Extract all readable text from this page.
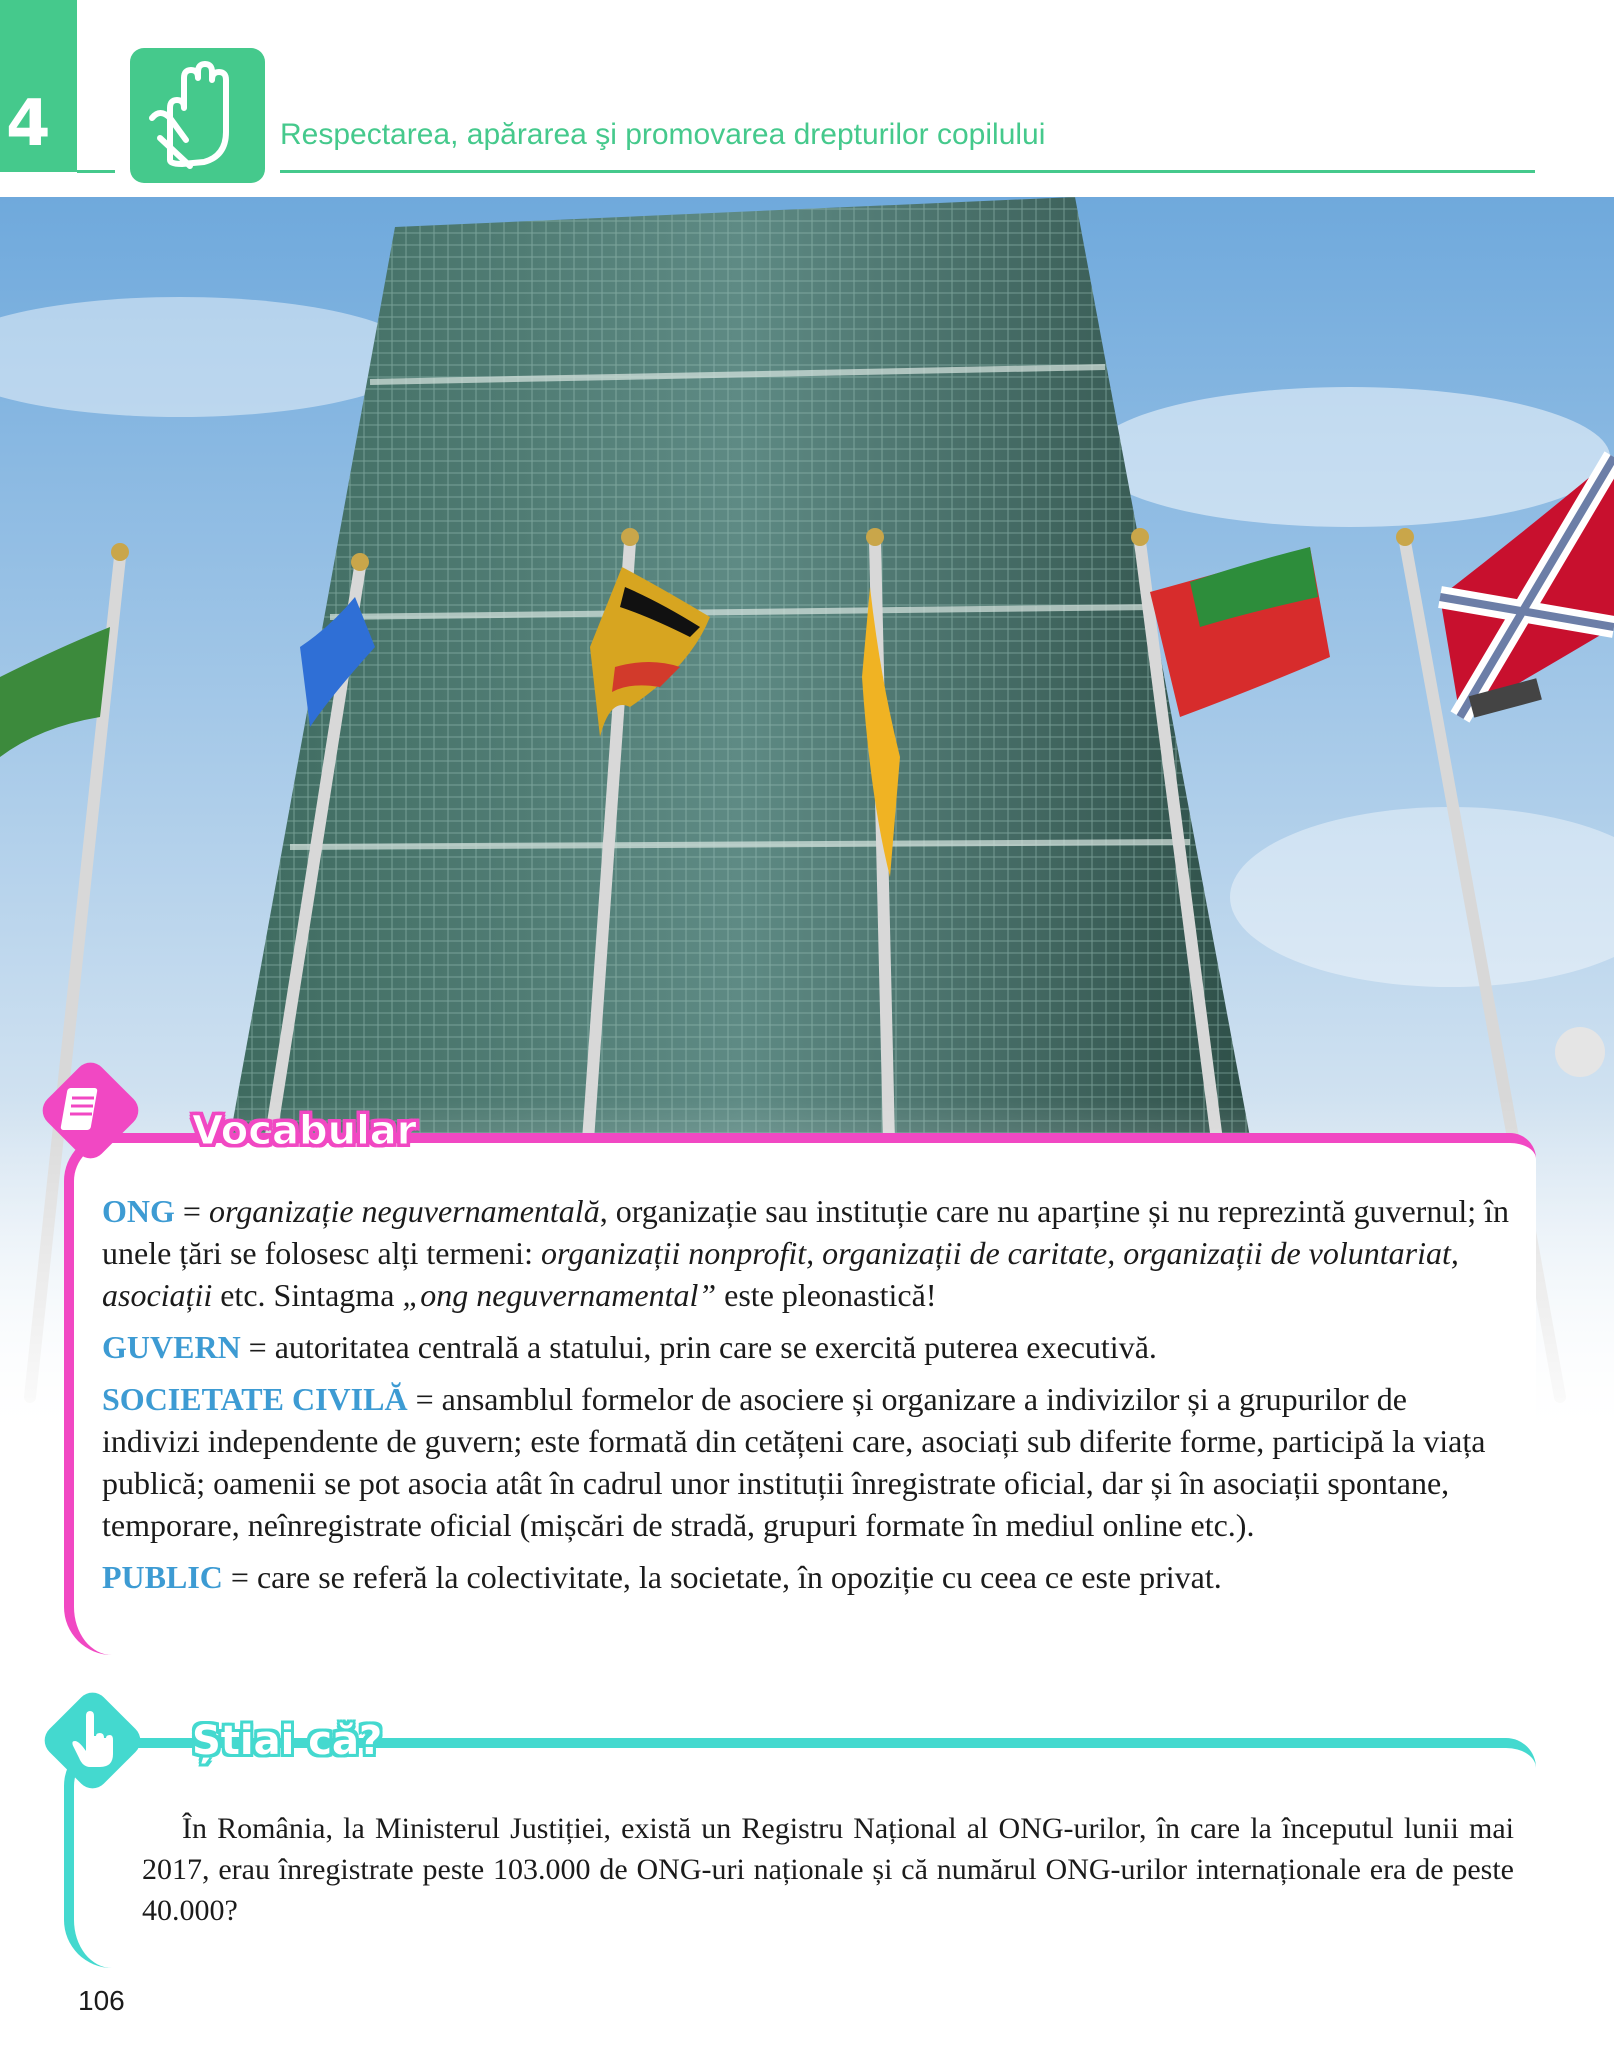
4	Respectarea, apărarea şi promovarea drepturilor copilului
Vocabular

ONG = organizație neguvernamentală, organizație sau instituție care nu aparține și nu reprezintă guvernul; în unele țări se folosesc alți termeni: organizații nonprofit, organizații de caritate, organizații de voluntariat, asociații etc. Sintagma „ong neguvernamental” este pleonastică!

GUVERN = autoritatea centrală a statului, prin care se exercită puterea executivă.

SOCIETATE CIVILĂ = ansamblul formelor de asociere și organizare a indivizilor și a grupurilor de indivizi independente de guvern; este formată din cetățeni care, asociați sub diferite forme, participă la viața publică; oamenii se pot asocia atât în cadrul unor instituții înregistrate oficial, dar și în asociații spontane, temporare, neînregistrate oficial (mișcări de stradă, grupuri formate în mediul online etc.).

PUBLIC = care se referă la colectivitate, la societate, în opoziție cu ceea ce este privat.

Știai că?

În România, la Ministerul Justiției, există un Registru Național al ONG-urilor, în care la începutul lunii mai 2017, erau înregistrate peste 103.000 de ONG-uri naționale și că numărul ONG-urilor internaționale era de peste 40.000?

106
